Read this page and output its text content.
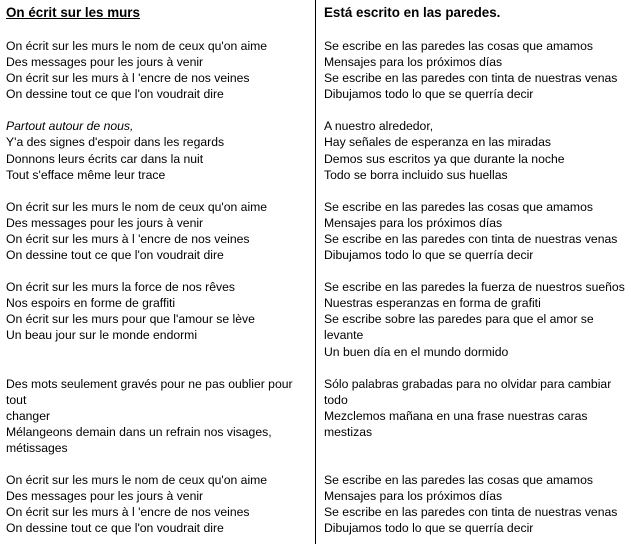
On écrit sur les murs
On écrit sur les murs le nom de ceux qu'on aime
Des messages pour les jours à venir
On écrit sur les murs à l 'encre de nos veines
On dessine tout ce que l'on voudrait dire
Partout autour de nous,
Y'a des signes d'espoir dans les regards
Donnons leurs écrits car dans la nuit
Tout s'efface même leur trace
On écrit sur les murs le nom de ceux qu'on aime
Des messages pour les jours à venir
On écrit sur les murs à l 'encre de nos veines
On dessine tout ce que l'on voudrait dire
On écrit sur les murs la force de nos rêves
Nos espoirs en forme de graffiti
On écrit sur les murs pour que l'amour se lève
Un beau jour sur le monde endormi
Des mots seulement gravés pour ne pas oublier pour
tout
changer
Mélangeons demain dans un refrain nos visages,
métissages
On écrit sur les murs le nom de ceux qu'on aime
Des messages pour les jours à venir
On écrit sur les murs à l 'encre de nos veines
On dessine tout ce que l'on voudrait dire
Está escrito en las paredes.
Se escribe en las paredes las cosas que amamos
Mensajes para los próximos días
Se escribe en las paredes con tinta de nuestras venas
Dibujamos todo lo que se querría decir
A nuestro alrededor,
Hay señales de esperanza en las miradas
Demos sus escritos ya que durante la noche
Todo se borra incluido sus huellas
Se escribe en las paredes las cosas que amamos
Mensajes para los próximos días
Se escribe en las paredes con tinta de nuestras venas
Dibujamos todo lo que se querría decir
Se escribe en las paredes la fuerza de nuestros sueños
Nuestras esperanzas en forma de grafiti
Se escribe sobre las paredes para que el amor se
levante
Un buen día en el mundo dormido
Sólo palabras grabadas para no olvidar para cambiar
todo
Mezclemos mañana en una frase nuestras caras
mestizas
Se escribe en las paredes las cosas que amamos
Mensajes para los próximos días
Se escribe en las paredes con tinta de nuestras venas
Dibujamos todo lo que se querría decir
